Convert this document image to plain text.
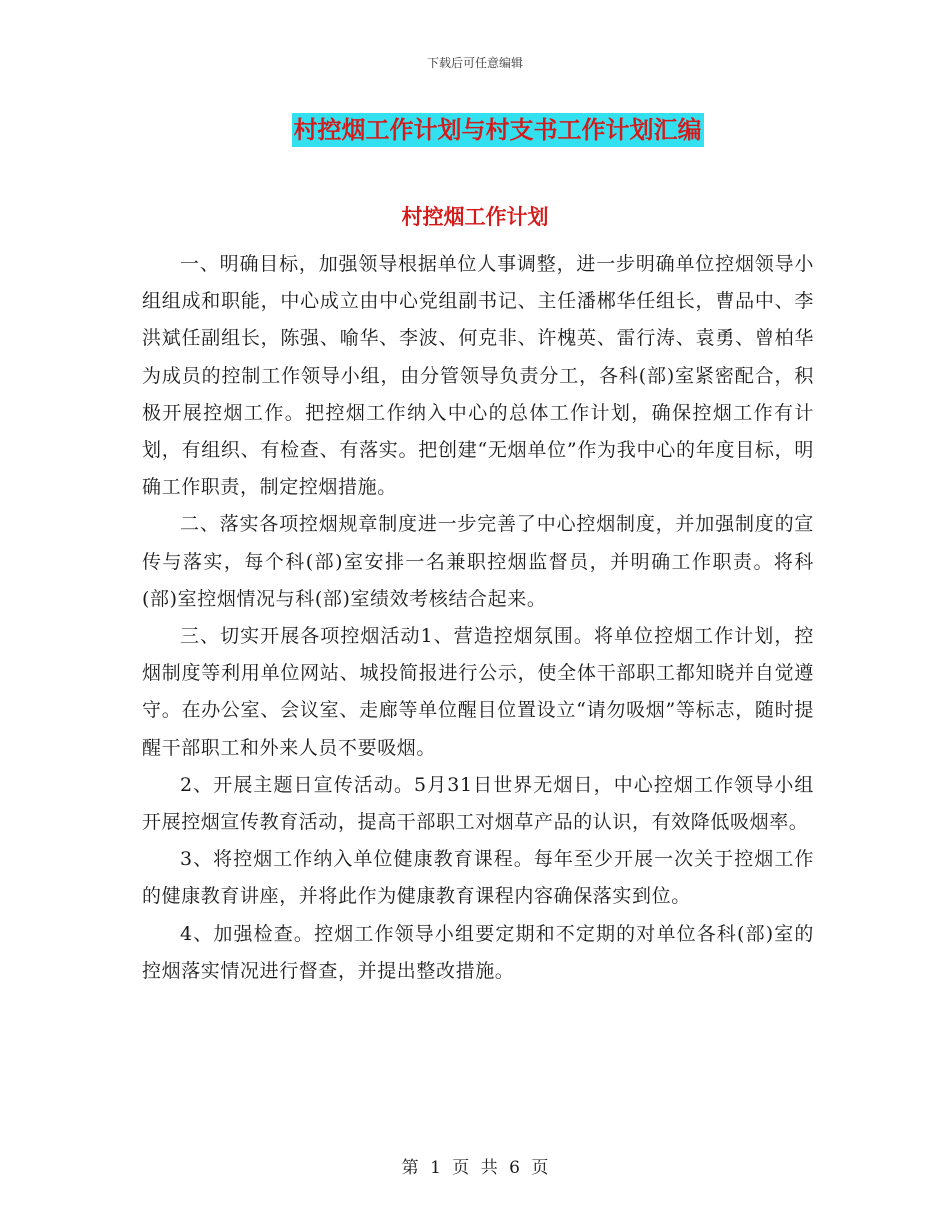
下载后可任意编辑
村控烟工作计划与村支书工作计划汇编
村控烟工作计划

一、明确目标，加强领导根据单位人事调整，进一步明确单位控烟领导小组组成和职能，中心成立由中心党组副书记、主任潘郴华任组长，曹品中、李洪斌任副组长，陈强、喻华、李波、何克非、许槐英、雷行涛、袁勇、曾柏华为成员的控制工作领导小组，由分管领导负责分工，各科(部)室紧密配合，积极开展控烟工作。把控烟工作纳入中心的总体工作计划，确保控烟工作有计划，有组织、有检查、有落实。把创建“无烟单位”作为我中心的年度目标，明确工作职责，制定控烟措施。

二、落实各项控烟规章制度进一步完善了中心控烟制度，并加强制度的宣传与落实，每个科(部)室安排一名兼职控烟监督员，并明确工作职责。将科(部)室控烟情况与科(部)室绩效考核结合起来。

三、切实开展各项控烟活动1、营造控烟氛围。将单位控烟工作计划，控烟制度等利用单位网站、城投简报进行公示，使全体干部职工都知晓并自觉遵守。在办公室、会议室、走廊等单位醒目位置设立“请勿吸烟”等标志，随时提醒干部职工和外来人员不要吸烟。

2、开展主题日宣传活动。5月31日世界无烟日，中心控烟工作领导小组开展控烟宣传教育活动，提高干部职工对烟草产品的认识，有效降低吸烟率。

3、将控烟工作纳入单位健康教育课程。每年至少开展一次关于控烟工作的健康教育讲座，并将此作为健康教育课程内容确保落实到位。

4、加强检查。控烟工作领导小组要定期和不定期的对单位各科(部)室的控烟落实情况进行督查，并提出整改措施。

第 1 页 共 6 页
